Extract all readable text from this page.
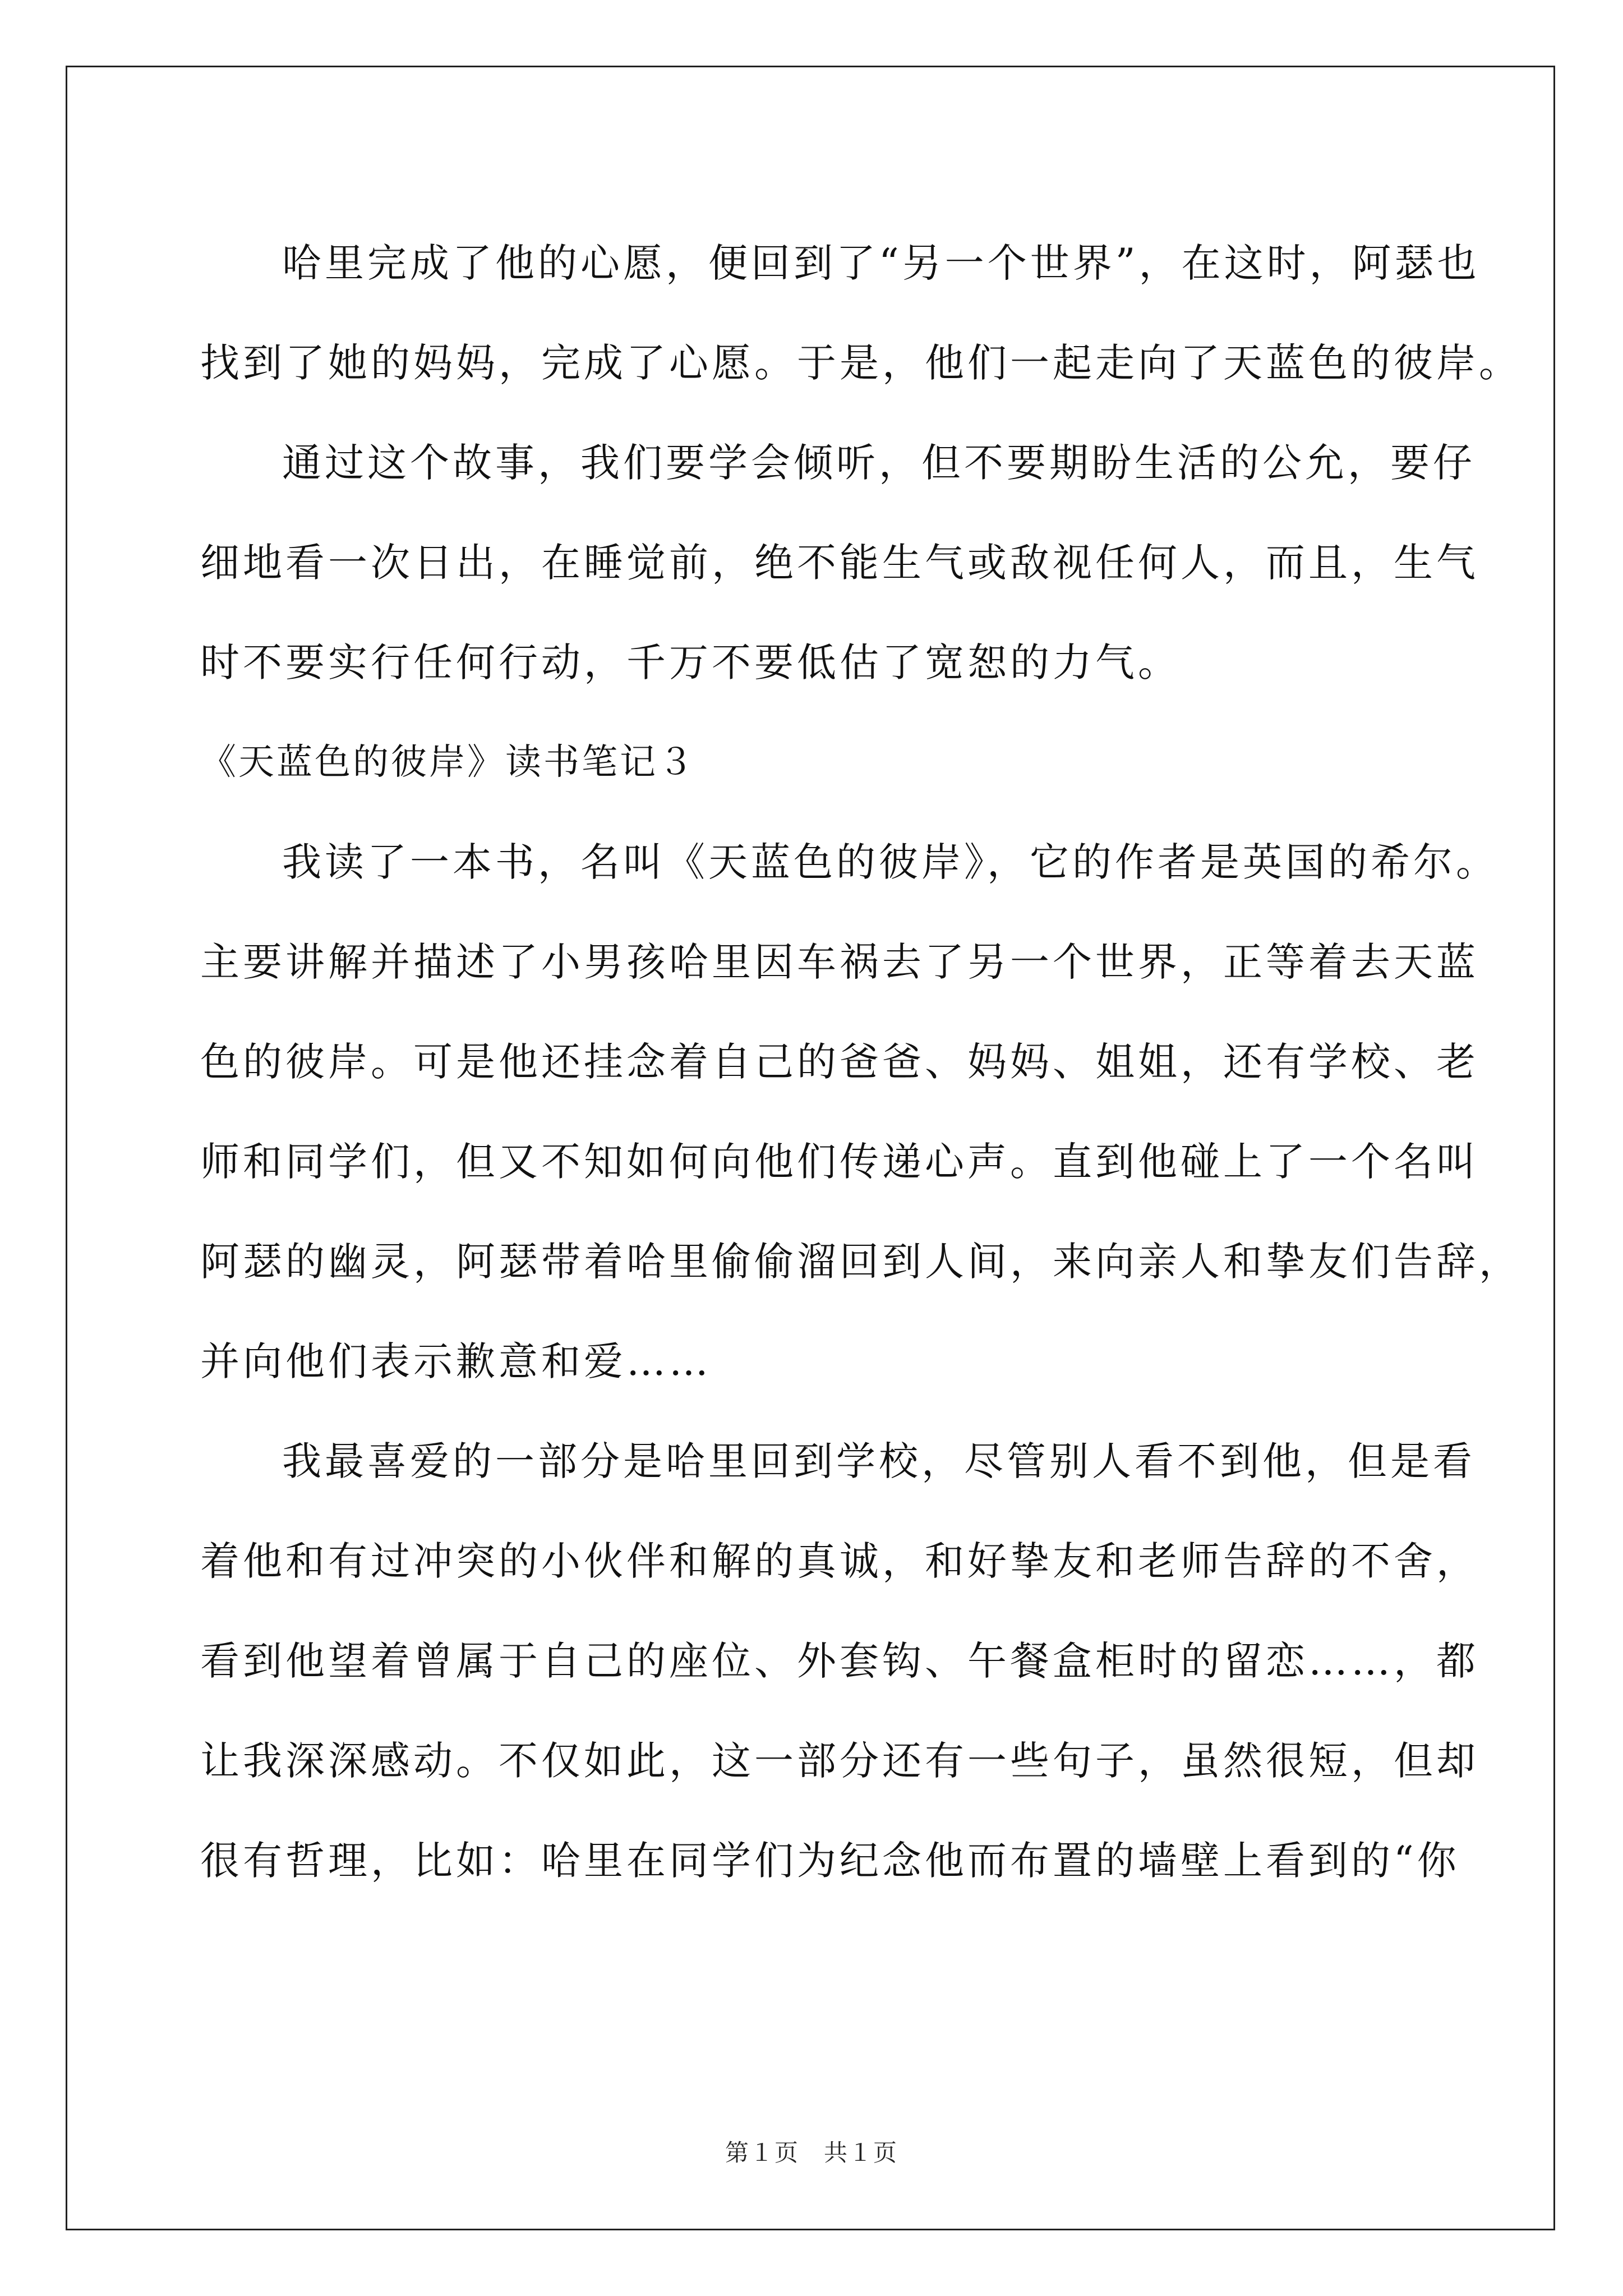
哈里完成了他的心愿，便回到了“另一个世界”，在这时，阿瑟也
找到了她的妈妈，完成了心愿。于是，他们一起走向了天蓝色的彼岸。
通过这个故事，我们要学会倾听，但不要期盼生活的公允，要仔
细地看一次日出，在睡觉前，绝不能生气或敌视任何人，而且，生气
时不要实行任何行动，千万不要低估了宽恕的力气。
《天蓝色的彼岸》读书笔记３
我读了一本书，名叫《天蓝色的彼岸》，它的作者是英国的希尔。
主要讲解并描述了小男孩哈里因车祸去了另一个世界，正等着去天蓝
色的彼岸。可是他还挂念着自己的爸爸、妈妈、姐姐，还有学校、老
师和同学们，但又不知如何向他们传递心声。直到他碰上了一个名叫
阿瑟的幽灵，阿瑟带着哈里偷偷溜回到人间，来向亲人和挚友们告辞，
并向他们表示歉意和爱……
我最喜爱的一部分是哈里回到学校，尽管别人看不到他，但是看
着他和有过冲突的小伙伴和解的真诚，和好挚友和老师告辞的不舍，
看到他望着曾属于自己的座位、外套钩、午餐盒柜时的留恋……，都
让我深深感动。不仅如此，这一部分还有一些句子，虽然很短，但却
很有哲理，比如：哈里在同学们为纪念他而布置的墙壁上看到的“你
第１页　共１页
